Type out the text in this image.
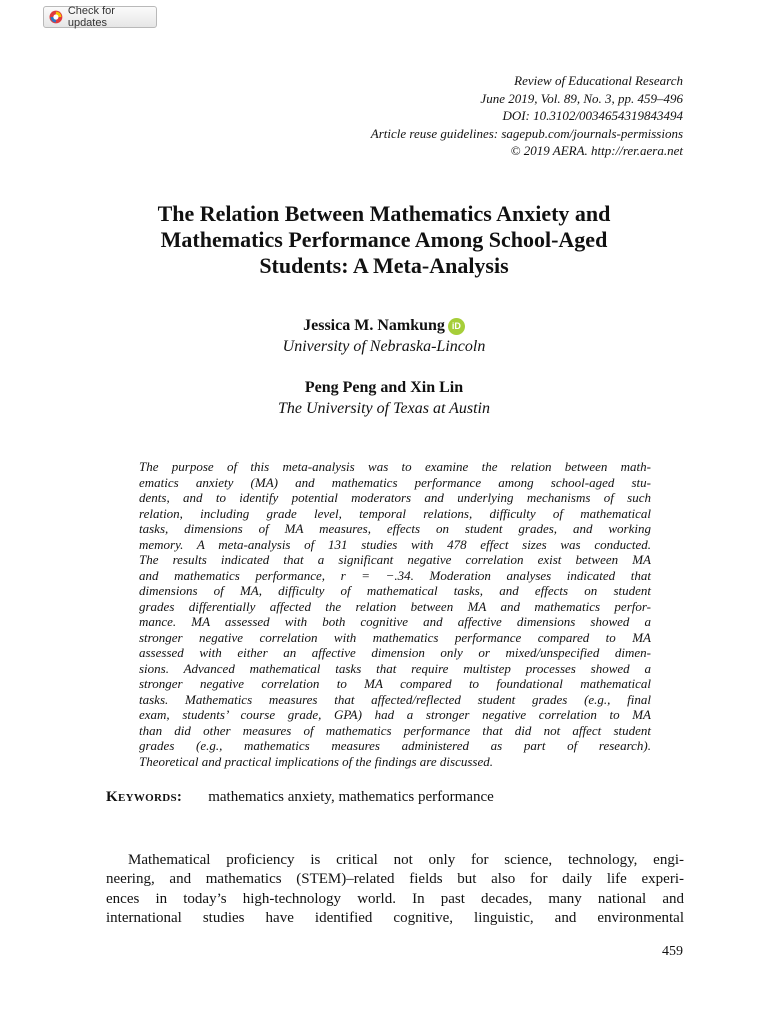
Check for updates
Review of Educational Research
June 2019, Vol. 89, No. 3, pp. 459–496
DOI: 10.3102/0034654319843494
Article reuse guidelines: sagepub.com/journals-permissions
© 2019 AERA. http://rer.aera.net
The Relation Between Mathematics Anxiety and
Mathematics Performance Among School-Aged
Students: A Meta-Analysis
Jessica M. Namkung iD
University of Nebraska-Lincoln
Peng Peng and Xin Lin
The University of Texas at Austin
The purpose of this meta-analysis was to examine the relation between math-
ematics anxiety (MA) and mathematics performance among school-aged stu-
dents, and to identify potential moderators and underlying mechanisms of such
relation, including grade level, temporal relations, difficulty of mathematical
tasks, dimensions of MA measures, effects on student grades, and working
memory. A meta-analysis of 131 studies with 478 effect sizes was conducted.
The results indicated that a significant negative correlation exist between MA
and mathematics performance, r = −.34. Moderation analyses indicated that
dimensions of MA, difficulty of mathematical tasks, and effects on student
grades differentially affected the relation between MA and mathematics perfor-
mance. MA assessed with both cognitive and affective dimensions showed a
stronger negative correlation with mathematics performance compared to MA
assessed with either an affective dimension only or mixed/unspecified dimen-
sions. Advanced mathematical tasks that require multistep processes showed a
stronger negative correlation to MA compared to foundational mathematical
tasks. Mathematics measures that affected/reflected student grades (e.g., final
exam, students’ course grade, GPA) had a stronger negative correlation to MA
than did other measures of mathematics performance that did not affect student
grades (e.g., mathematics measures administered as part of research).
Theoretical and practical implications of the findings are discussed.
Keywords: mathematics anxiety, mathematics performance
Mathematical proficiency is critical not only for science, technology, engi-
neering, and mathematics (STEM)–related fields but also for daily life experi-
ences in today’s high-technology world. In past decades, many national and
international studies have identified cognitive, linguistic, and environmental
459
